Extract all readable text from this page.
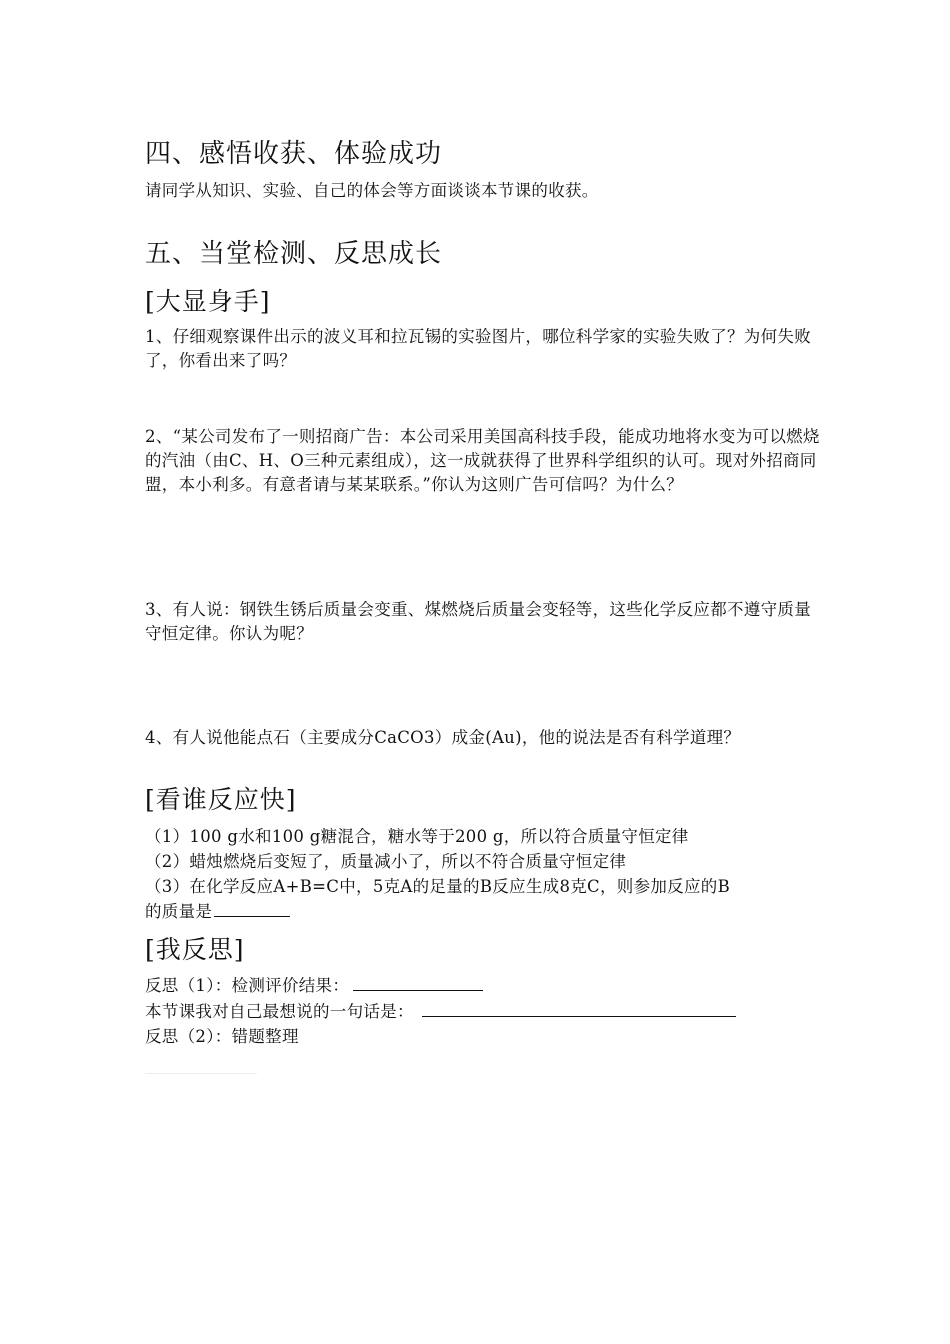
四、感悟收获、体验成功
请同学从知识、实验、自己的体会等方面谈谈本节课的收获。
五、当堂检测、反思成长
[大显身手]
1、仔细观察课件出示的波义耳和拉瓦锡的实验图片，哪位科学家的实验失败了？为何失败了，你看出来了吗？
2、“某公司发布了一则招商广告：本公司采用美国高科技手段，能成功地将水变为可以燃烧的汽油（由C、H、O三种元素组成），这一成就获得了世界科学组织的认可。现对外招商同盟，本小利多。有意者请与某某联系。”你认为这则广告可信吗？为什么？
3、有人说：钢铁生锈后质量会变重、煤燃烧后质量会变轻等，这些化学反应都不遵守质量守恒定律。你认为呢？
4、有人说他能点石（主要成分CaCO3）成金(Au)，他的说法是否有科学道理？
[看谁反应快]
（1）100 g水和100 g糖混合，糖水等于200 g，所以符合质量守恒定律
（2）蜡烛燃烧后变短了，质量减小了，所以不符合质量守恒定律
（3）在化学反应A+B=C中，5克A的足量的B反应生成8克C，则参加反应的B
的质量是
[我反思]
反思（1）：检测评价结果：
本节课我对自己最想说的一句话是：
反思（2）：错题整理
